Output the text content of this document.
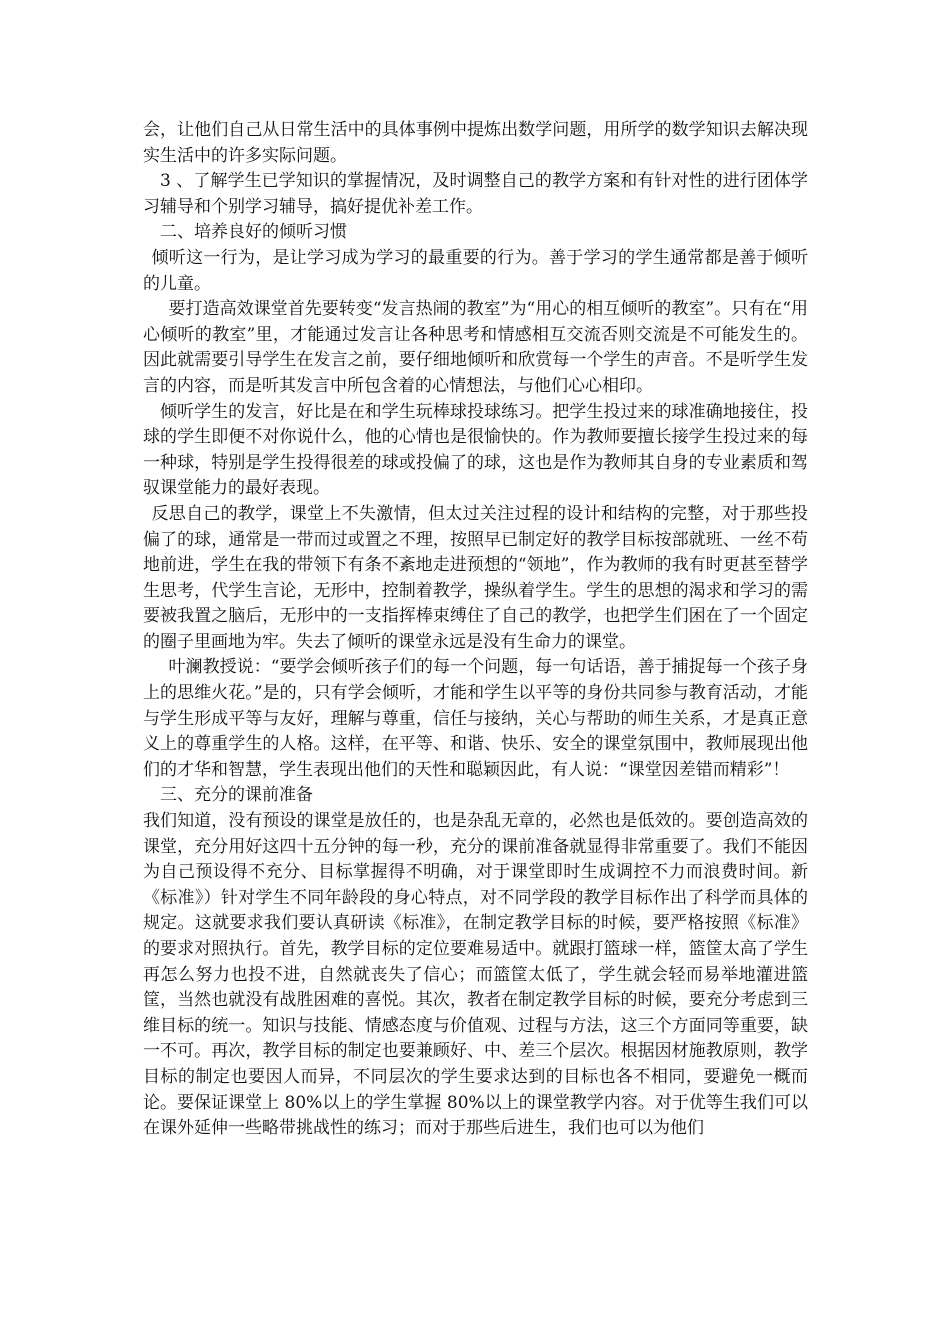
会，让他们自己从日常生活中的具体事例中提炼出数学问题，用所学的数学知识去解决现实生活中的许多实际问题。

3 、了解学生已学知识的掌握情况，及时调整自己的教学方案和有针对性的进行团体学习辅导和个别学习辅导，搞好提优补差工作。

二、培养良好的倾听习惯

倾听这一行为，是让学习成为学习的最重要的行为。善于学习的学生通常都是善于倾听的儿童。

要打造高效课堂首先要转变“发言热闹的教室”为“用心的相互倾听的教室”。只有在“用心倾听的教室”里，才能通过发言让各种思考和情感相互交流否则交流是不可能发生的。因此就需要引导学生在发言之前，要仔细地倾听和欣赏每一个学生的声音。不是听学生发言的内容，而是听其发言中所包含着的心情想法，与他们心心相印。

倾听学生的发言，好比是在和学生玩棒球投球练习。把学生投过来的球准确地接住，投球的学生即便不对你说什么，他的心情也是很愉快的。作为教师要擅长接学生投过来的每一种球，特别是学生投得很差的球或投偏了的球，这也是作为教师其自身的专业素质和驾驭课堂能力的最好表现。

反思自己的教学，课堂上不失激情，但太过关注过程的设计和结构的完整，对于那些投偏了的球，通常是一带而过或置之不理，按照早已制定好的教学目标按部就班、一丝不苟地前进，学生在我的带领下有条不紊地走进预想的“领地”，作为教师的我有时更甚至替学生思考，代学生言论，无形中，控制着教学，操纵着学生。学生的思想的渴求和学习的需要被我置之脑后，无形中的一支指挥棒束缚住了自己的教学，也把学生们困在了一个固定的圈子里画地为牢。失去了倾听的课堂永远是没有生命力的课堂。

叶澜教授说：“要学会倾听孩子们的每一个问题，每一句话语，善于捕捉每一个孩子身上的思维火花。”是的，只有学会倾听，才能和学生以平等的身份共同参与教育活动，才能与学生形成平等与友好，理解与尊重，信任与接纳，关心与帮助的师生关系，才是真正意义上的尊重学生的人格。这样，在平等、和谐、快乐、安全的课堂氛围中，教师展现出他们的才华和智慧，学生表现出他们的天性和聪颖因此，有人说：“课堂因差错而精彩”！

三、充分的课前准备

我们知道，没有预设的课堂是放任的，也是杂乱无章的，必然也是低效的。要创造高效的课堂，充分用好这四十五分钟的每一秒，充分的课前准备就显得非常重要了。我们不能因为自己预设得不充分、目标掌握得不明确，对于课堂即时生成调控不力而浪费时间。新《标准》）针对学生不同年龄段的身心特点，对不同学段的教学目标作出了科学而具体的规定。这就要求我们要认真研读《标准》，在制定教学目标的时候，要严格按照《标准》的要求对照执行。首先，教学目标的定位要难易适中。就跟打篮球一样，篮筐太高了学生再怎么努力也投不进，自然就丧失了信心；而篮筐太低了，学生就会轻而易举地灌进篮筐，当然也就没有战胜困难的喜悦。其次，教者在制定教学目标的时候，要充分考虑到三维目标的统一。知识与技能、情感态度与价值观、过程与方法，这三个方面同等重要，缺一不可。再次，教学目标的制定也要兼顾好、中、差三个层次。根据因材施教原则，教学目标的制定也要因人而异，不同层次的学生要求达到的目标也各不相同，要避免一概而论。要保证课堂上 80%以上的学生掌握 80%以上的课堂教学内容。对于优等生我们可以在课外延伸一些略带挑战性的练习；而对于那些后进生，我们也可以为他们
